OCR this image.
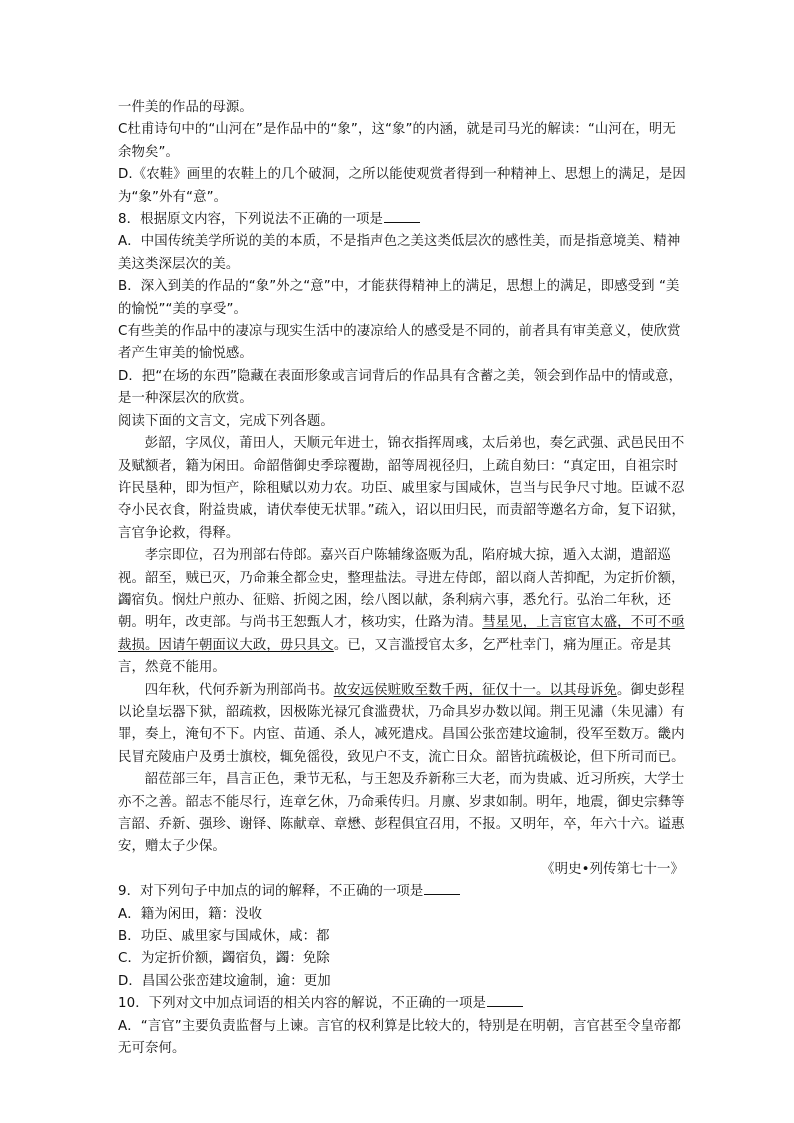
一件美的作品的母源。

C杜甫诗句中的“山河在”是作品中的“象”，这“象”的内涵，就是司马光的解读：“山河在，明无余物矣”。

D.《农鞋》画里的农鞋上的几个破洞，之所以能使观赏者得到一种精神上、思想上的满足，是因为“象”外有“意”。

8．根据原文内容，下列说法不正确的一项是

A．中国传统美学所说的美的本质，不是指声色之美这类低层次的感性美，而是指意境美、精神美这类深层次的美。

B．深入到美的作品的“象”外之“意”中，才能获得精神上的满足，思想上的满足，即感受到 “美的愉悦”“美的享受”。

C有些美的作品中的凄凉与现实生活中的凄凉给人的感受是不同的，前者具有审美意义，使欣赏者产生审美的愉悦感。

D．把“在场的东西”隐藏在表面形象或言词背后的作品具有含蓄之美，领会到作品中的情或意，是一种深层次的欣赏。

阅读下面的文言文，完成下列各题。

彭韶，字凤仪，莆田人，天顺元年进士，锦衣指挥周彧，太后弟也，奏乞武强、武邑民田不及赋额者，籍为闲田。命韶偕御史季琮覆勘，韶等周视径归，上疏自劾曰：“真定田，自祖宗时许民垦种，即为恒产，除租赋以劝力农。功臣、戚里家与国咸休，岂当与民争尺寸地。臣诚不忍夺小民衣食，附益贵戚，请伏奉使无状罪。”疏入，诏以田归民，而责韶等邀名方命，复下诏狱，言官争论救，得释。

孝宗即位，召为刑部右侍郎。嘉兴百户陈辅缘盗贩为乱，陷府城大掠，遁入太湖，遣韶巡视。韶至，贼已灭，乃命兼全都佥史，整理盐法。寻进左侍郎，韶以商人苦抑配，为定折价额，蠲宿负。悯灶户煎办、征赔、折阅之困，绘八图以献，条利病六事，悉允行。弘治二年秋，还朝。明年，改吏部。与尚书王恕甄人才，核功实，仕路为清。彗星见，上言宦官太盛，不可不亟裁损。因请午朝面议大政，毋只具文。已，又言滥授官太多，乞严杜幸门，痛为厘正。帝是其言，然竟不能用。

四年秋，代何乔新为刑部尚书。故安远侯赃败至数千两，征仅十一。以其母诉免。御史彭程以论皇坛器下狱，韶疏救，因极陈光禄冗食滥费状，乃命具岁办数以闻。荆王见潚（朱见潚）有罪，奏上，淹旬不下。内宦、苗通、杀人，减死遣戍。昌国公张峦建坟逾制，役军至数万。畿内民冒充陵庙户及勇士旗校，辄免徭役，致见户不支，流亡日众。韶皆抗疏极论，但下所司而已。

韶莅部三年，昌言正色，秉节无私，与王恕及乔新称三大老，而为贵戚、近习所疾，大学士亦不之善。韶志不能尽行，连章乞休，乃命乘传归。月廪、岁隶如制。明年，地震，御史宗彝等言韶、乔新、强珍、谢铎、陈献章、章懋、彭程俱宜召用，不报。又明年，卒，年六十六。谥惠安，赠太子少保。

《明史•列传第七十一》

9．对下列句子中加点的词的解释，不正确的一项是

A．籍为闲田，籍：没收

B．功臣、戚里家与国咸休，咸：都

C．为定折价额，蠲宿负，蠲：免除

D．昌国公张峦建坟逾制，逾：更加

10．下列对文中加点词语的相关内容的解说，不正确的一项是

A．“言官”主要负责监督与上谏。言官的权利算是比较大的，特别是在明朝，言官甚至令皇帝都无可奈何。
